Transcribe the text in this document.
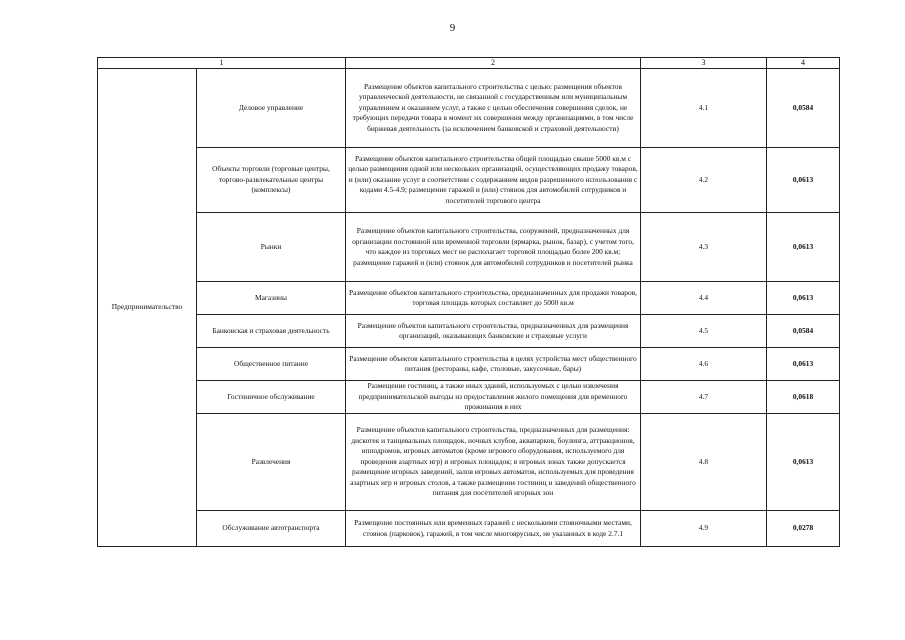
9
1		2	3	4
Предпринимательство	Деловое управление	Размещение объектов капитального строительства с целью: размещения объектов управленческой деятельности, не связанной с государственным или муниципальным управлением и оказанием услуг, а также с целью обеспечения совершения сделок, не требующих передачи товара в момент их совершения между организациями, в том числе биржевая деятельность (за исключением банковской и страховой деятельности)	4.1	0,0584
	Объекты торговли (торговые центры, торгово-развлекательные центры (комплексы)	Размещение объектов капитального строительства общей площадью свыше 5000 кв.м с целью размещения одной или нескольких организаций, осуществляющих продажу товаров, и (или) оказание услуг в соответствии с содержанием видов разрешенного использования с кодами 4.5-4.9; размещение гаражей и (или) стоянок для автомобилей сотрудников и посетителей торгового центра	4.2	0,0613
	Рынки	Размещение объектов капитального строительства, сооружений, предназначенных для организации постоянной или временной торговли (ярмарка, рынок, базар), с учетом того, что каждое из торговых мест не располагает торговой площадью более 200 кв.м; размещение гаражей и (или) стоянок для автомобилей сотрудников и посетителей рынка	4.3	0,0613
	Магазины	Размещение объектов капитального строительства, предназначенных для продажи товаров, торговая площадь которых составляет до 5000 кв.м	4.4	0,0613
	Банковская и страховая деятельность	Размещение объектов капитального строительства, предназначенных для размещения организаций, оказывающих банковские и страховые услуги	4.5	0,0584
	Общественное питание	Размещение объектов капитального строительства в целях устройства мест общественного питания (рестораны, кафе, столовые, закусочные, бары)	4.6	0,0613
	Гостиничное обслуживание	Размещение гостиниц, а также иных зданий, используемых с целью извлечения предпринимательской выгоды из предоставления жилого помещения для временного проживания в них	4.7	0,0618
	Развлечения	Размещение объектов капитального строительства, предназначенных для размещения: дискотек и танцевальных площадок, ночных клубов, аквапарков, боулинга, аттракционов, ипподромов, игровых автоматов (кроме игрового оборудования, используемого для проведения азартных игр) и игровых площадок; в игровых зонах также допускается размещение игорных заведений, залов игровых автоматов, используемых для проведения азартных игр и игровых столов, а также размещение гостиниц и заведений общественного питания для посетителей игорных зон	4.8	0,0613
	Обслуживание автотранспорта	Размещение постоянных или временных гаражей с несколькими стояночными местами, стоянок (парковок), гаражей, в том числе многоярусных, не указанных в коде 2.7.1	4.9	0,0278
